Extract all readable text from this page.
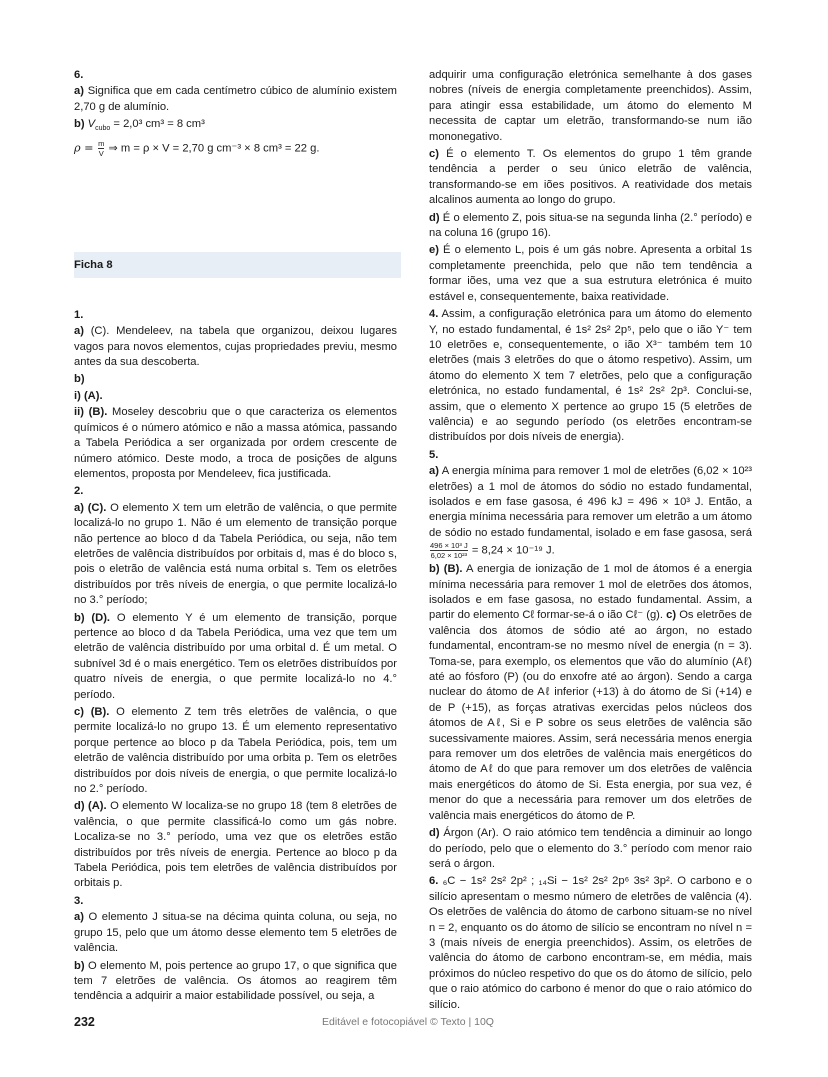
6.

a) Significa que em cada centímetro cúbico de alumínio existem 2,70 g de alumínio.

b) $V_{cubo} = 2,0^3$ cm³ = 8 cm³

$\rho = \frac{m}{V}$ ⇒ m = ρ × V = 2,70 g cm⁻³ × 8 cm³ = 22 g.

Ficha 8

1.

a) (C). Mendeleev, na tabela que organizou, deixou lugares vagos para novos elementos, cujas propriedades previu, mesmo antes da sua descoberta.

b)

i) (A).

ii) (B). Moseley descobriu que o que caracteriza os elementos químicos é o número atómico e não a massa atómica, passando a Tabela Periódica a ser organizada por ordem crescente de número atómico. Deste modo, a troca de posições de alguns elementos, proposta por Mendeleev, fica justificada.

2.

a) (C). O elemento X tem um eletrão de valência, o que permite localizá-lo no grupo 1. Não é um elemento de transição porque não pertence ao bloco d da Tabela Periódica, ou seja, não tem eletrões de valência distribuídos por orbitais d, mas é do bloco s, pois o eletrão de valência está numa orbital s. Tem os eletrões distribuídos por três níveis de energia, o que permite localizá-lo no 3.° período;

b) (D). O elemento Y é um elemento de transição, porque pertence ao bloco d da Tabela Periódica, uma vez que tem um eletrão de valência distribuído por uma orbital d. É um metal. O subnível 3d é o mais energético. Tem os eletrões distribuídos por quatro níveis de energia, o que permite localizá-lo no 4.° período.

c) (B). O elemento Z tem três eletrões de valência, o que permite localizá-lo no grupo 13. É um elemento representativo porque pertence ao bloco p da Tabela Periódica, pois, tem um eletrão de valência distribuído por uma orbita p. Tem os eletrões distribuídos por dois níveis de energia, o que permite localizá-lo no 2.° período.

d) (A). O elemento W localiza-se no grupo 18 (tem 8 eletrões de valência, o que permite classificá-lo como um gás nobre. Localiza-se no 3.° período, uma vez que os eletrões estão distribuídos por três níveis de energia. Pertence ao bloco p da Tabela Periódica, pois tem eletrões de valência distribuídos por orbitais p.

3.

a) O elemento J situa-se na décima quinta coluna, ou seja, no grupo 15, pelo que um átomo desse elemento tem 5 eletrões de valência.

b) O elemento M, pois pertence ao grupo 17, o que significa que tem 7 eletrões de valência. Os átomos ao reagirem têm tendência a adquirir a maior estabilidade possível, ou seja, a

adquirir uma configuração eletrónica semelhante à dos gases nobres (níveis de energia completamente preenchidos). Assim, para atingir essa estabilidade, um átomo do elemento M necessita de captar um eletrão, transformando-se num ião mononegativo.

c) É o elemento T. Os elementos do grupo 1 têm grande tendência a perder o seu único eletrão de valência, transformando-se em iões positivos. A reatividade dos metais alcalinos aumenta ao longo do grupo.

d) É o elemento Z, pois situa-se na segunda linha (2.° período) e na coluna 16 (grupo 16).

e) É o elemento L, pois é um gás nobre. Apresenta a orbital 1s completamente preenchida, pelo que não tem tendência a formar iões, uma vez que a sua estrutura eletrónica é muito estável e, consequentemente, baixa reatividade.

4. Assim, a configuração eletrónica para um átomo do elemento Y, no estado fundamental, é 1s² 2s² 2p⁵, pelo que o ião Y⁻ tem 10 eletrões e, consequentemente, o ião X³⁻ também tem 10 eletrões (mais 3 eletrões do que o átomo respetivo). Assim, um átomo do elemento X tem 7 eletrões, pelo que a configuração eletrónica, no estado fundamental, é 1s² 2s² 2p³. Conclui-se, assim, que o elemento X pertence ao grupo 15 (5 eletrões de valência) e ao segundo período (os eletrões encontram-se distribuídos por dois níveis de energia).

5.

a) A energia mínima para remover 1 mol de eletrões (6,02 × 10²³ eletrões) a 1 mol de átomos do sódio no estado fundamental, isolados e em fase gasosa, é 496 kJ = 496 × 10³ J. Então, a energia mínima necessária para remover um eletrão a um átomo de sódio no estado fundamental, isolado e em fase gasosa, será
$\frac{\text{496 × 10³ J}}{\text{6,02 × 10²³}} = 8,24 \times 10^{-19}$ J.

b) (B). A energia de ionização de 1 mol de átomos é a energia mínima necessária para remover 1 mol de eletrões dos átomos, isolados e em fase gasosa, no estado fundamental. Assim, a partir do elemento Cℓ formar-se-á o ião Cℓ⁻ (g). c) Os eletrões de valência dos átomos de sódio até ao árgon, no estado fundamental, encontram-se no mesmo nível de energia (n = 3). Toma-se, para exemplo, os elementos que vão do alumínio (Aℓ) até ao fósforo (P) (ou do enxofre até ao árgon). Sendo a carga nuclear do átomo de Aℓ inferior (+13) à do átomo de Si (+14) e de P (+15), as forças atrativas exercidas pelos núcleos dos átomos de Aℓ, Si e P sobre os seus eletrões de valência são sucessivamente maiores. Assim, será necessária menos energia para remover um dos eletrões de valência mais energéticos do átomo de Aℓ do que para remover um dos eletrões de valência mais energéticos do átomo de Si. Esta energia, por sua vez, é menor do que a necessária para remover um dos eletrões de valência mais energéticos do átomo de P.

d) Árgon (Ar). O raio atómico tem tendência a diminuir ao longo do período, pelo que o elemento do 3.° período com menor raio será o árgon.

6. ₆C − 1s² 2s² 2p² ; ₁₄Si − 1s² 2s² 2p⁶ 3s² 3p². O carbono e o silício apresentam o mesmo número de eletrões de valência (4). Os eletrões de valência do átomo de carbono situam-se no nível n = 2, enquanto os do átomo de silício se encontram no nível n = 3 (mais níveis de energia preenchidos). Assim, os eletrões de valência do átomo de carbono encontram-se, em média, mais próximos do núcleo respetivo do que os do átomo de silício, pelo que o raio atómico do carbono é menor do que o raio atómico do silício.

232	Editável e fotocopiável © Texto | 10Q
